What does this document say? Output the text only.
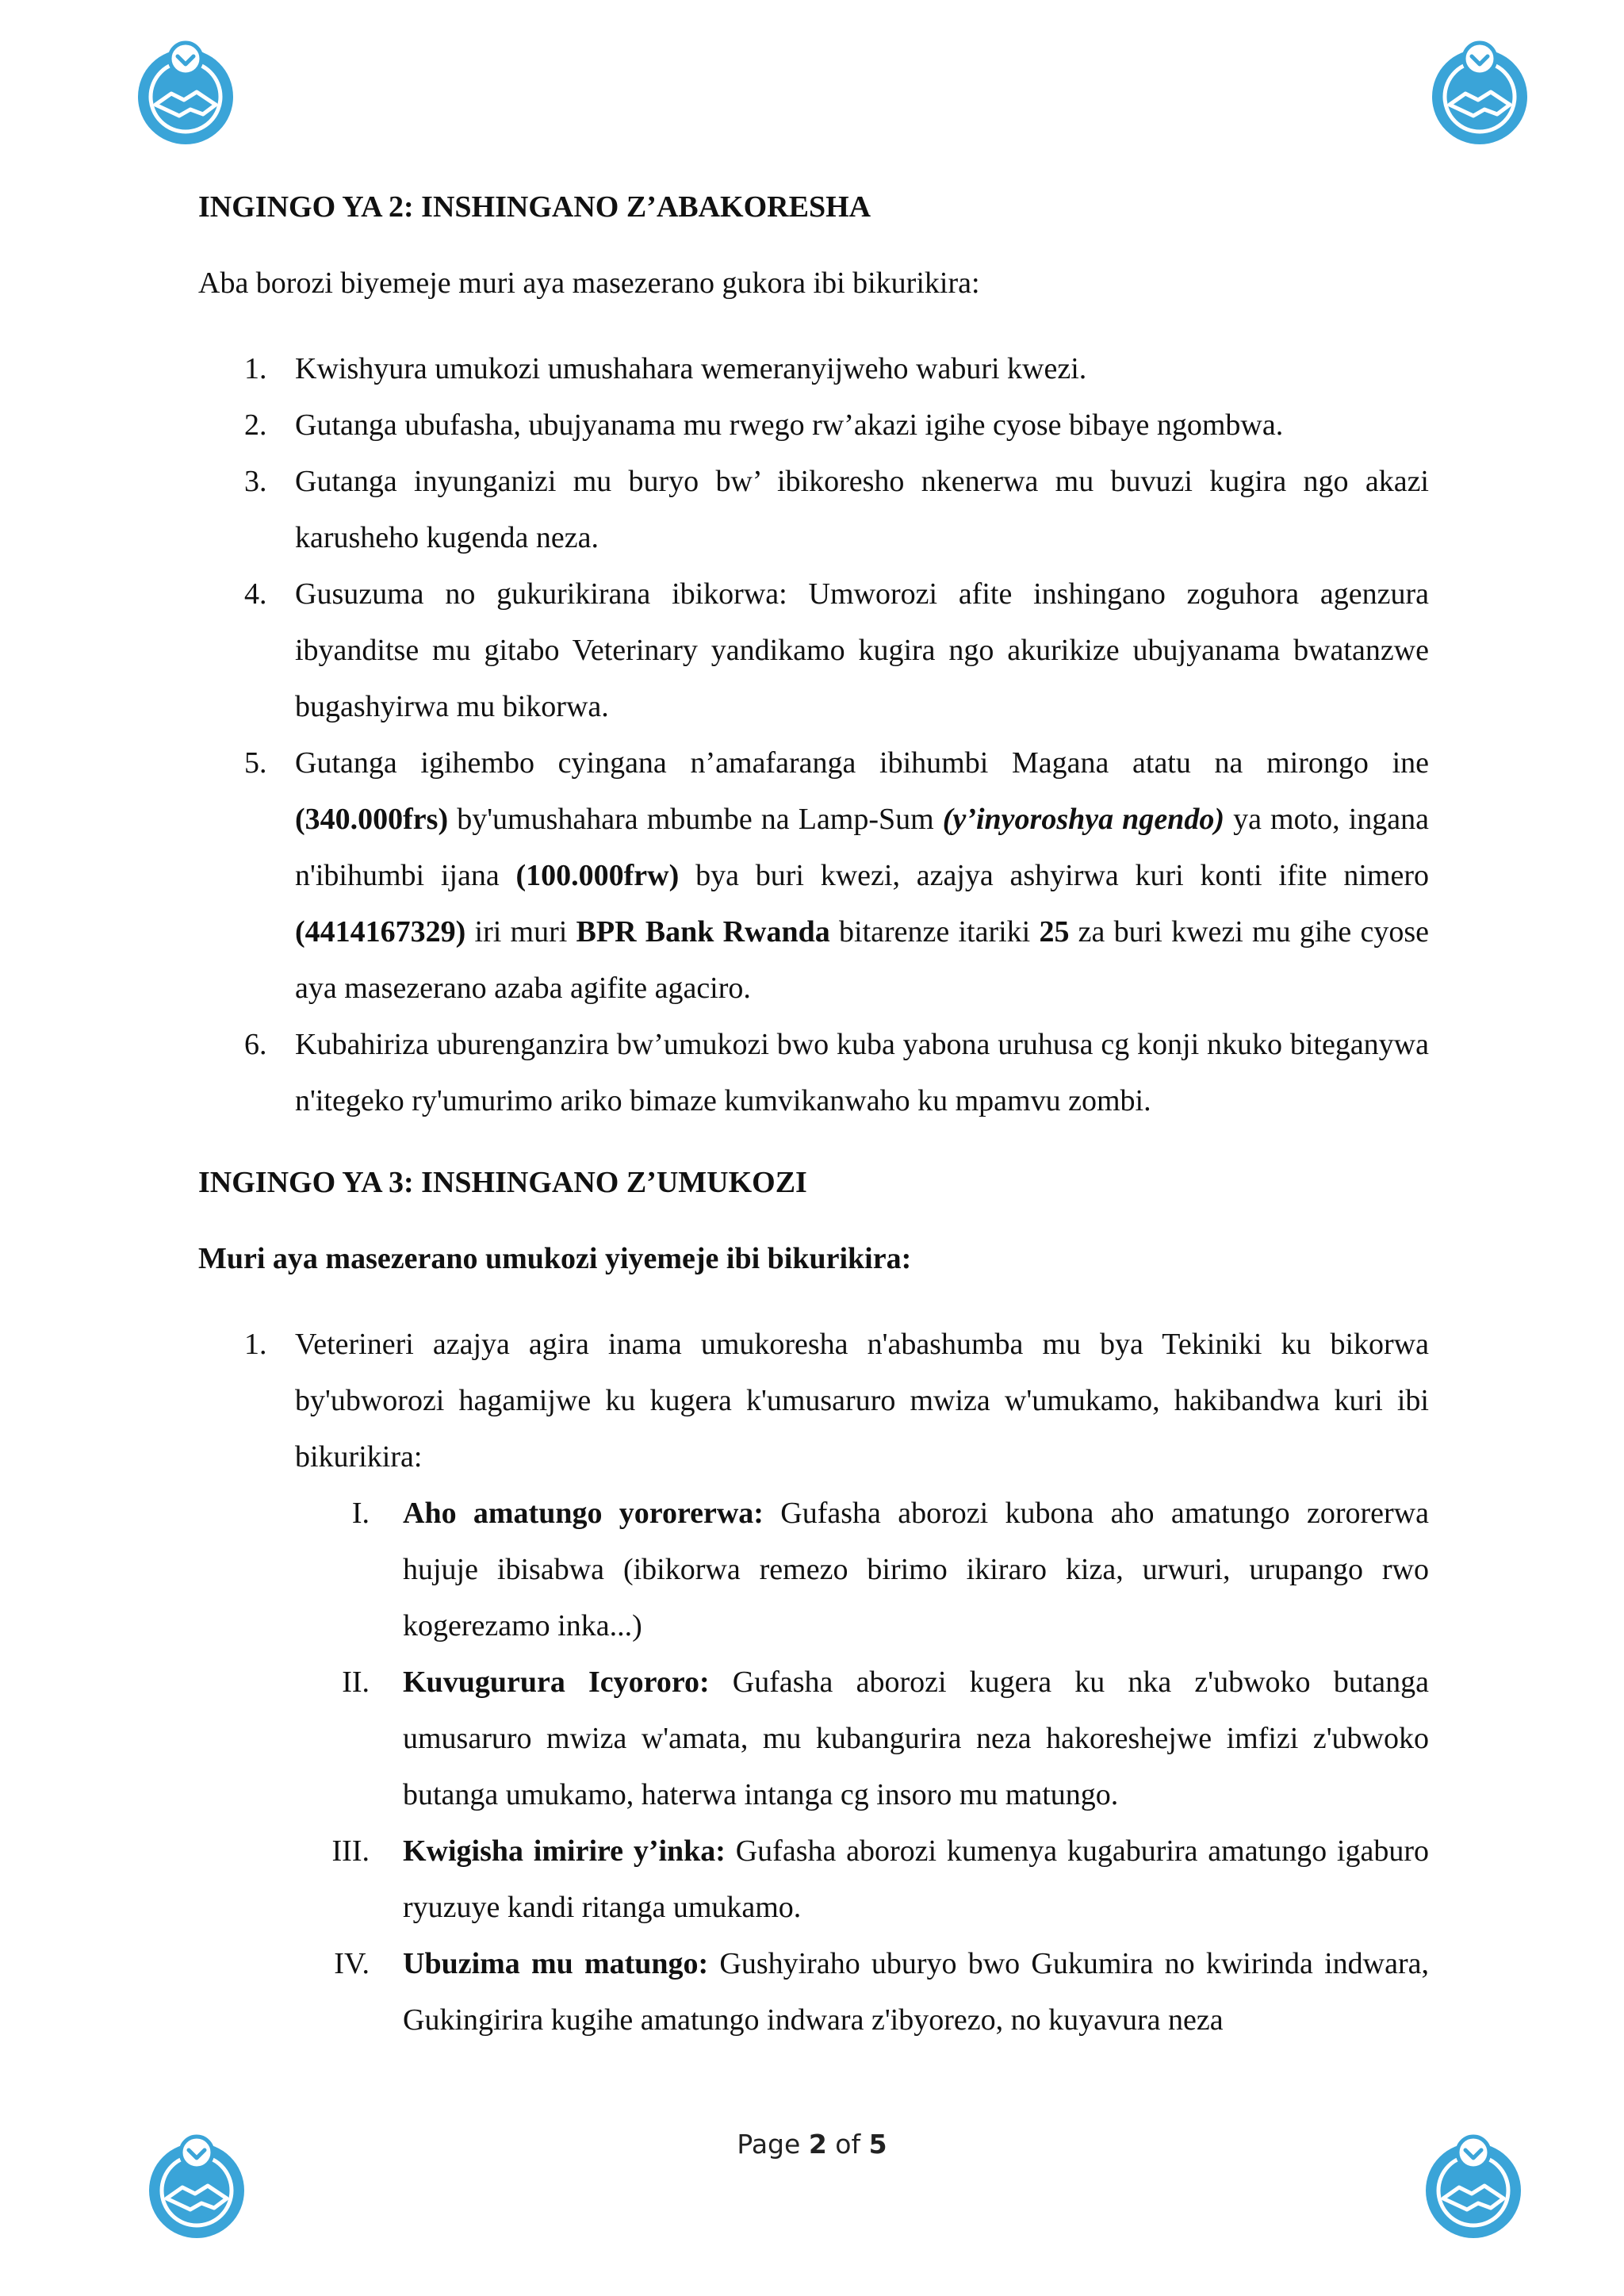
INGINGO YA 2: INSHINGANO Z’ABAKORESHA

Aba borozi biyemeje muri aya masezerano gukora ibi bikurikira:

1. Kwishyura umukozi umushahara wemeranyijweho waburi kwezi.
2. Gutanga ubufasha, ubujyanama mu rwego rw’akazi igihe cyose bibaye ngombwa.
3. Gutanga inyunganizi mu buryo bw’ ibikoresho nkenerwa mu buvuzi kugira ngo akazi karusheho kugenda neza.
4. Gusuzuma no gukurikirana ibikorwa: Umworozi afite inshingano zoguhora agenzura ibyanditse mu gitabo Veterinary yandikamo kugira ngo akurikize ubujyanama bwatanzwe bugashyirwa mu bikorwa.
5. Gutanga igihembo cyingana n’amafaranga ibihumbi Magana atatu na mirongo ine (340.000frs) by'umushahara mbumbe na Lamp-Sum (y’inyoroshya ngendo) ya moto, ingana n'ibihumbi ijana (100.000frw) bya buri kwezi, azajya ashyirwa kuri konti ifite nimero (4414167329) iri muri BPR Bank Rwanda bitarenze itariki 25 za buri kwezi mu gihe cyose aya masezerano azaba agifite agaciro.
6. Kubahiriza uburenganzira bw’umukozi bwo kuba yabona uruhusa cg konji nkuko biteganywa n'itegeko ry'umurimo ariko bimaze kumvikanwaho ku mpamvu zombi.
INGINGO YA 3: INSHINGANO Z’UMUKOZI

Muri aya masezerano umukozi yiyemeje ibi bikurikira:

1. Veterineri azajya agira inama umukoresha n'abashumba mu bya Tekiniki ku bikorwa by'ubworozi hagamijwe ku kugera k'umusaruro mwiza w'umukamo, hakibandwa kuri ibi bikurikira:
I. Aho amatungo yororerwa: Gufasha aborozi kubona aho amatungo zororerwa hujuje ibisabwa (ibikorwa remezo birimo ikiraro kiza, urwuri, urupango rwo kogerezamo inka...)
II. Kuvugurura Icyororo: Gufasha aborozi kugera ku nka z'ubwoko butanga umusaruro mwiza w'amata, mu kubangurira neza hakoreshejwe imfizi z'ubwoko butanga umukamo, haterwa intanga cg insoro mu matungo.
III. Kwigisha imirire y’inka: Gufasha aborozi kumenya kugaburira amatungo igaburo ryuzuye kandi ritanga umukamo.
IV. Ubuzima mu matungo: Gushyiraho uburyo bwo Gukumira no kwirinda indwara, Gukingirira kugihe amatungo indwara z'ibyorezo, no kuyavura neza
Page 2 of 5
